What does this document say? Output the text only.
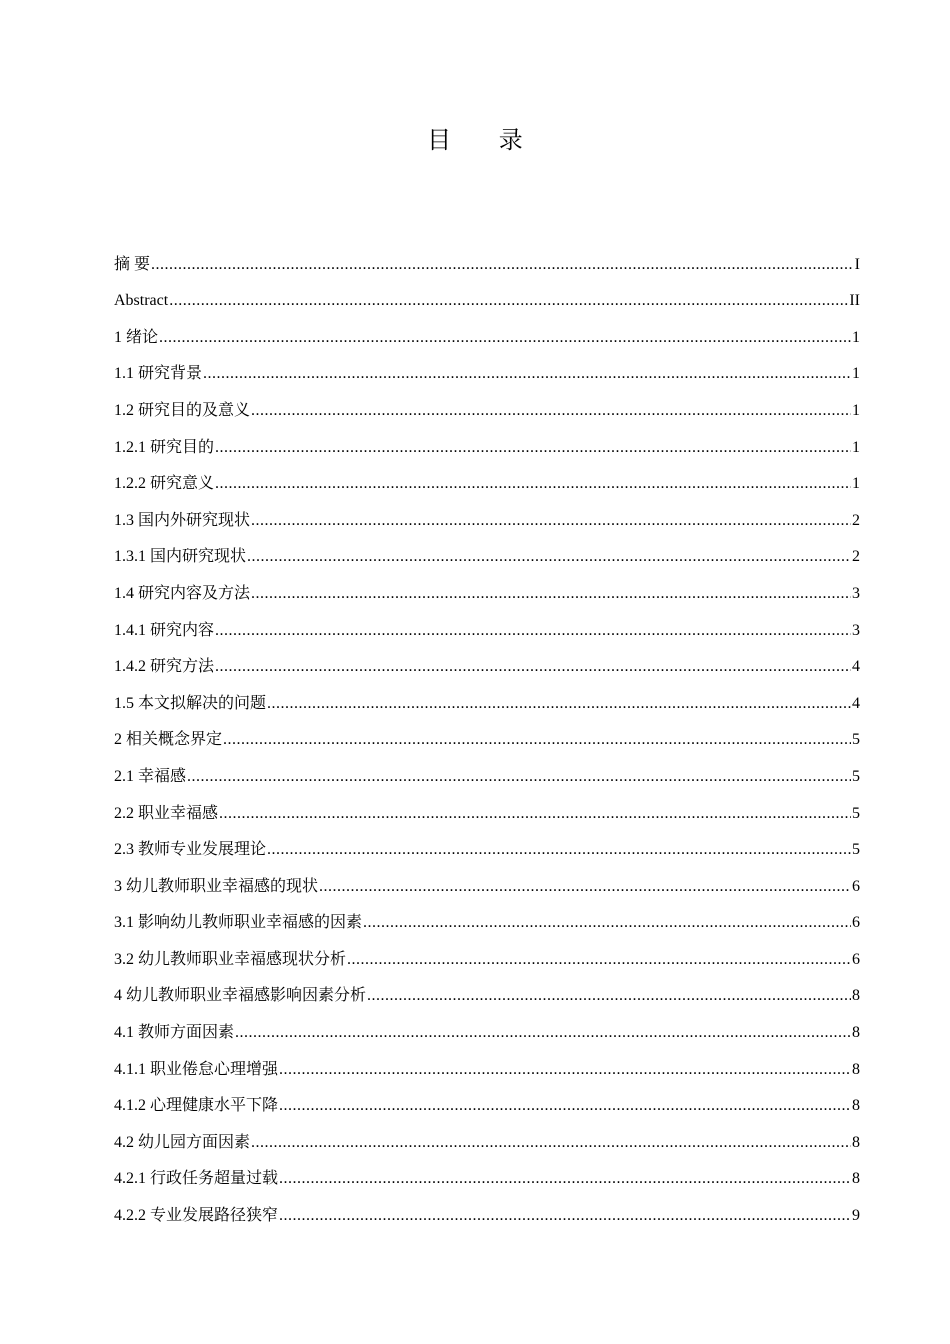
目 录
摘 要 .....	I
Abstract .....	II
1 绪论 .....	1
1.1 研究背景 .....	1
1.2 研究目的及意义 .....	1
1.2.1 研究目的 .....	1
1.2.2 研究意义 .....	1
1.3 国内外研究现状 .....	2
1.3.1 国内研究现状 .....	2
1.4 研究内容及方法 .....	3
1.4.1 研究内容 .....	3
1.4.2 研究方法 .....	4
1.5 本文拟解决的问题 .....	4
2 相关概念界定 .....	5
2.1 幸福感 .....	5
2.2 职业幸福感 .....	5
2.3 教师专业发展理论 .....	5
3 幼儿教师职业幸福感的现状 .....	6
3.1 影响幼儿教师职业幸福感的因素 .....	6
3.2 幼儿教师职业幸福感现状分析 .....	6
4 幼儿教师职业幸福感影响因素分析 .....	8
4.1 教师方面因素 .....	8
4.1.1 职业倦怠心理增强 .....	8
4.1.2 心理健康水平下降 .....	8
4.2 幼儿园方面因素 .....	8
4.2.1 行政任务超量过载 .....	8
4.2.2 专业发展路径狭窄 .....	9
